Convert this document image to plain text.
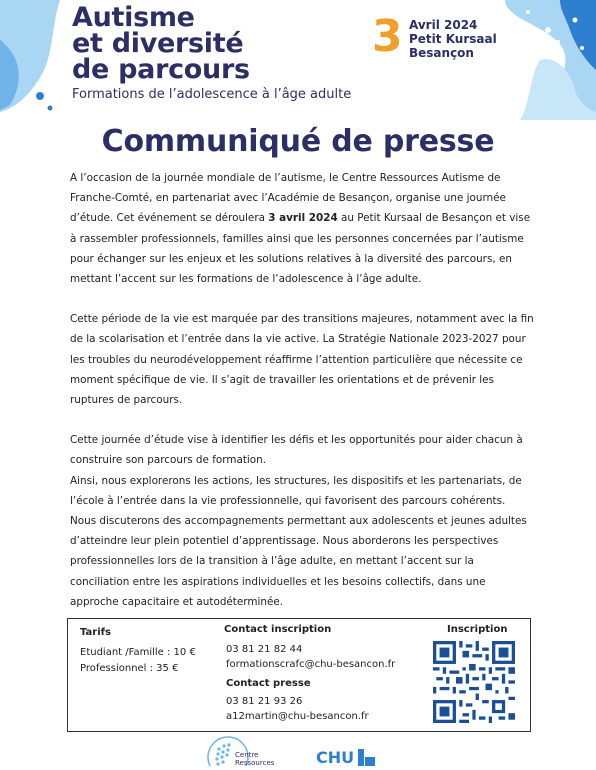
Autisme
et diversité
de parcours
Formations de l’adolescence à l’âge adulte
3 Avril 2024
Petit Kursaal
Besançon
Communiqué de presse

A l’occasion de la journée mondiale de l’autisme, le Centre Ressources Autisme de Franche-Comté, en partenariat avec l’Académie de Besançon, organise une journée d’étude. Cet événement se déroulera 3 avril 2024 au Petit Kursaal de Besançon et vise à rassembler professionnels, familles ainsi que les personnes concernées par l’autisme pour échanger sur les enjeux et les solutions relatives à la diversité des parcours, en mettant l’accent sur les formations de l’adolescence à l’âge adulte.

Cette période de la vie est marquée par des transitions majeures, notamment avec la fin de la scolarisation et l’entrée dans la vie active. La Stratégie Nationale 2023-2027 pour les troubles du neurodéveloppement réaffirme l’attention particulière que nécessite ce moment spécifique de vie. Il s’agit de travailler les orientations et de prévenir les ruptures de parcours.

Cette journée d’étude vise à identifier les défis et les opportunités pour aider chacun à construire son parcours de formation.
Ainsi, nous explorerons les actions, les structures, les dispositifs et les partenariats, de l’école à l’entrée dans la vie professionnelle, qui favorisent des parcours cohérents.
Nous discuterons des accompagnements permettant aux adolescents et jeunes adultes d’atteindre leur plein potentiel d’apprentissage. Nous aborderons les perspectives professionnelles lors de la transition à l’âge adulte, en mettant l’accent sur la conciliation entre les aspirations individuelles et les besoins collectifs, dans une approche capacitaire et autodéterminée.
Tarifs
Etudiant /Famille : 10 €
Professionnel : 35 €
Contact inscription
03 81 21 82 44
formationscrafc@chu-besancon.fr
Contact presse
03 81 21 93 26
a12martin@chu-besancon.fr
Inscription
Centre
Ressources	CHU
